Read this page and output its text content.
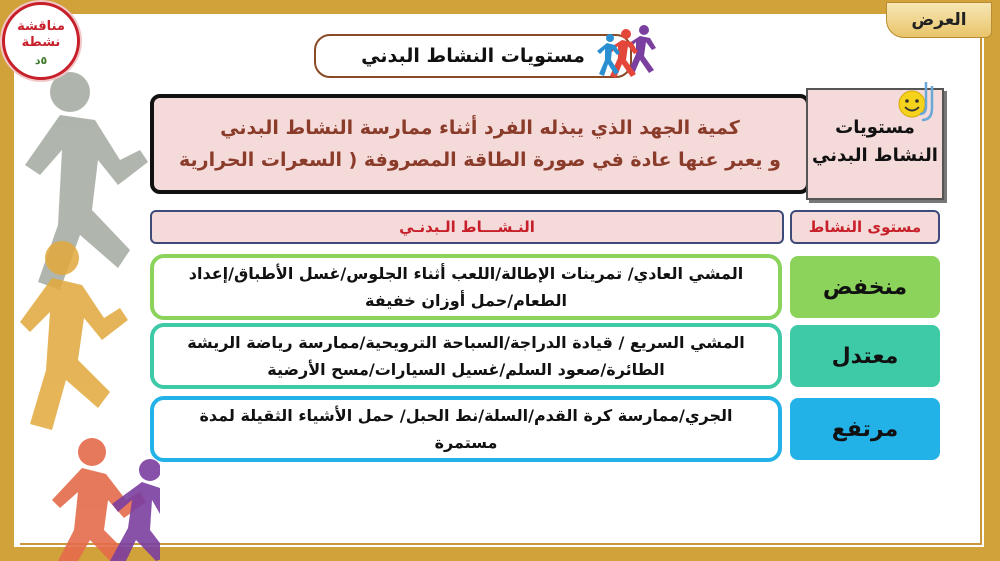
مناقشة
نشطة
٥د
العرض
مستويات النشاط البدني
كمية الجهد الذي يبذله الفرد أثناء ممارسة النشاط البدني
و يعبر عنها عادة في صورة الطاقة المصروفة ( السعرات الحرارية
مستويات
النشاط البدني
مستوى النشاط
النـشـــاط الـبدنـي
منخفض
المشي العادي/ تمرينات الإطالة/اللعب أثناء الجلوس/غسل الأطباق/إعداد
الطعام/حمل أوزان خفيفة
معتدل
المشي السريع / قيادة الدراجة/السباحة الترويحية/ممارسة رياضة الريشة
الطائرة/صعود السلم/غسيل السيارات/مسح الأرضية
مرتفع
الجري/ممارسة كرة القدم/السلة/نط الحبل/ حمل الأشياء الثقيلة لمدة مستمرة
